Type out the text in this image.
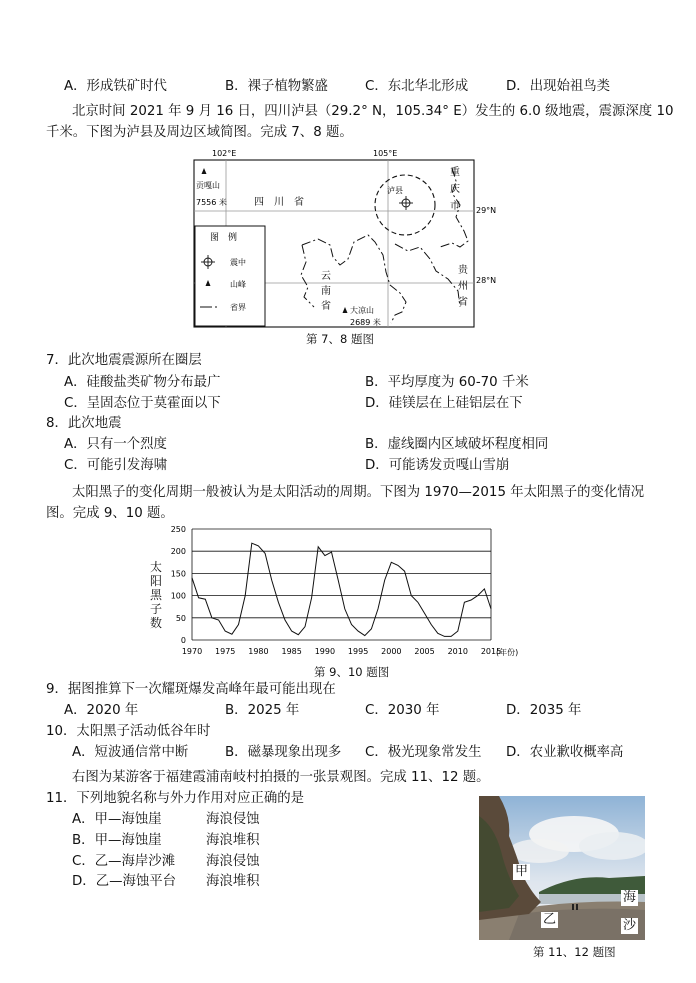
A．形成铁矿时代	B．裸子植物繁盛	C．东北华北形成	D．出现始祖鸟类
北京时间 2021 年 9 月 16 日，四川泸县（29.2° N，105.34° E）发生的 6.0 级地震，震源深度 10
千米。下图为泸县及周边区域简图。完成 7、8 题。
102°E	105°E
29°N
28°N
贡嘎山
7556 米	四　川　省
泸县
重
庆
市
云
南
省
贵
州
省
大凉山
2689 米
图　例
震中
山峰
省界
第 7、8 题图
7．此次地震震源所在圈层
A．硅酸盐类矿物分布最广	B．平均厚度为 60-70 千米
C．呈固态位于莫霍面以下	D．硅镁层在上硅铝层在下
8．此次地震
A．只有一个烈度	B．虚线圈内区域破坏程度相同
C．可能引发海啸	D．可能诱发贡嘎山雪崩
太阳黑子的变化周期一般被认为是太阳活动的周期。下图为 1970—2015 年太阳黑子的变化情况
图。完成 9、10 题。
0
50
100
150
200
250
1970 1975 1980 1985 1990 1995 2000 2005 2010 2015
(年份)
太阳黑子数
第 9、10 题图
9．据图推算下一次耀斑爆发高峰年最可能出现在
A．2020 年	B．2025 年	C．2030 年	D．2035 年
10．太阳黑子活动低谷年时
A．短波通信常中断	B．磁暴现象出现多 C．极光现象常发生 D．农业歉收概率高
右图为某游客于福建霞浦南岐村拍摄的一张景观图。完成 11、12 题。
11．下列地貌名称与外力作用对应正确的是
A．甲—海蚀崖	海浪侵蚀
B．甲—海蚀崖	海浪堆积
C．乙—海岸沙滩 海浪侵蚀
D．乙—海蚀平台 海浪堆积
甲
乙
海
沙
第 11、12 题图
